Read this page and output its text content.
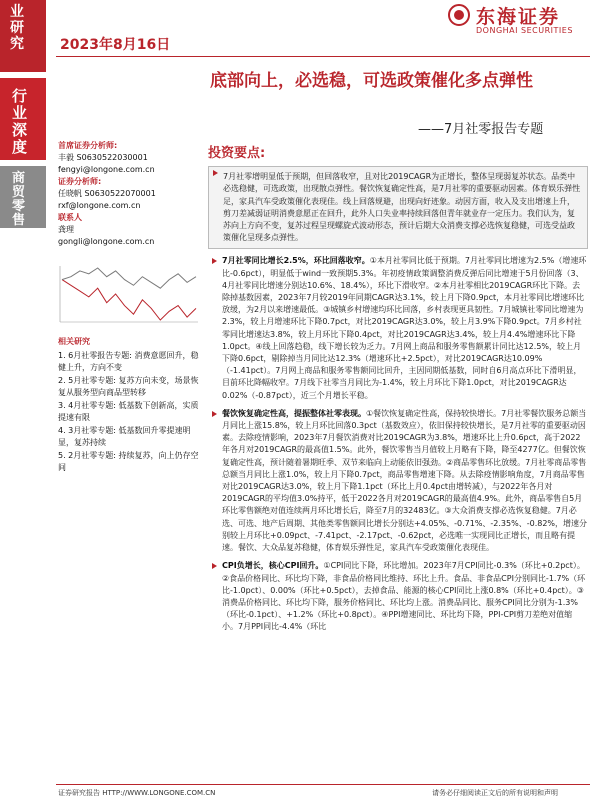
业研究
行业深度
商贸零售
2023年8月16日
东海证券
DONGHAI SECURITIES
底部向上，必选稳，可选政策催化多点弹性
——7月社零报告专题
首席证券分析师:
丰毅 S0630522030001
fengyi@longone.com.cn
证券分析师:
任晓帆 S0630522070001
rxf@longone.com.cn
联系人
龚理
gongli@longone.com.cn
相关研究
1. 6月社零报告专题: 消费意愿回升，稳健上升，方向不变
2. 5月社零专题: 复苏方向未变，场景恢复从服务型向商品型转移
3. 4月社零专题: 低基数下创新高，实质提速有限
4. 3月社零专题: 低基数回升零提速明显，复苏持续
5. 2月社零专题: 持续复苏，向上仍存空间
投资要点:
7月社零增明显低于预期，但回落收窄，且对比2019CAGR为正增长，整体呈现弱复苏状态。品类中必选稳健，可选政策，出现散点弹性。餐饮恢复确定性高，是7月社零的重要驱动因素。体育娱乐弹性足，家具汽车受政策催化表现佳。线上回落规避，出现向好迹象。动因方面，收入及支出增速上升，剪刀差减弱证明消费意愿正在回升，此外人口失业率持续回落但青年就业存一定压力。我们认为，复苏向上方向不变，复苏过程呈现螺旋式波动形态，预计后期大众消费支撑必选恢复稳健，可选受益政策催化呈现多点弹性。
7月社零同比增长2.5%，环比回落收窄。①本月社零同比低于预期。7月社零同比增速为2.5%（增速环比-0.6pct），明显低于wind一致预期5.3%。年初疫情政策调整消费反弹后同比增速于5月份回落（3、4月社零同比增速分别达10.6%、18.4%），环比下滑收窄。②本月社零相比2019CAGR环比下降。去除掉基数因素，2023年7月较2019年同期CAGR达3.1%，较上月下降0.9pct，本月社零同比增速环比放缓，为2月以来增速最低。③城镇乡村增速均环比回落，乡村表现更具韧性。7月城镇社零同比增速为2.3%，较上月增速环比下降0.7pct，对比2019CAGR达3.0%，较上月3.9%下降0.9pct。7月乡村社零同比增速达3.8%，较上月环比下降0.4pct，对比2019CAGR达3.4%，较上月4.4%增速环比下降1.0pct。④线上回落趋稳，线下增长较为乏力。7月网上商品和服务零售额累计同比达12.5%，较上月下降0.6pct，剔除掉当月同比达12.3%（增速环比+2.5pct），对比2019CAGR达10.09%（-1.41pct）。7月网上商品和服务零售额同比回升，主因同期低基数，同时自6月高点环比下滑明显，目前环比降幅收窄。7月线下社零当月同比为-1.4%，较上月环比下降1.0pct，对比2019CAGR达0.02%（-0.87pct），近三个月增长平稳。
餐饮恢复确定性高，提振整体社零表现。①餐饮恢复确定性高，保持较快增长。7月社零餐饮服务总额当月同比上涨15.8%，较上月环比回落0.3pct（基数效应），依旧保持较快增长，是7月社零的重要驱动因素。去除疫情影响，2023年7月餐饮消费对比2019CAGR为3.8%，增速环比上升0.6pct，高于2022年各月对2019CAGR的最高值1.5%。此外，餐饮零售当月值较上月略有下降，降至4277亿。但餐饮恢复确定性高，预计随着暑期旺季、双节来临向上动能依旧强劲。②商品零售环比放缓。7月社零商品零售总额当月同比上涨1.0%，较上月下降0.7pct，商品零售增速下降。从去除疫情影响角度，7月商品零售对比2019CAGR达3.0%，较上月下降1.1pct（环比上月0.4pct由增转减），与2022年各月对2019CAGR的平均值3.0%持平，低于2022各月对2019CAGR的最高值4.9%。此外，商品零售自5月环比零售额绝对值连续两月环比增长后，降至7月的32483亿。③大众消费支撑必选恢复稳健。7月必选、可选、地产后周期、其他类零售额同比增长分别达+4.05%、-0.71%、-2.35%、-0.82%，增速分别较上月环比+0.09pct、-7.41pct、-2.17pct、-0.62pct，必选唯一实现同比正增长，而且略有提速。餐饮、大众品复苏稳健，体育娱乐弹性足，家具汽车受政策催化表现佳。
CPI负增长，核心CPI回升。①CPI同比下降，环比增加。2023年7月CPI同比-0.3%（环比+0.2pct）。②食品价格同比、环比均下降，非食品价格同比维持、环比上升。食品、非食品CPI分别同比-1.7%（环比-1.0pct）、0.00%（环比+0.5pct），去掉食品、能源的核心CPI同比上涨0.8%（环比+0.4pct）。③消费品价格同比、环比均下降，服务价格同比、环比均上涨。消费品同比、服务CPI同比分别为-1.3%（环比-0.1pct）、+1.2%（环比+0.8pct）。④PPI增速同比、环比均下降，PPI-CPI剪刀差绝对值缩小。7月PPI同比-4.4%（环比
证券研究报告 HTTP://WWW.LONGONE.COM.CN	请务必仔细阅读正文后的所有说明和声明
